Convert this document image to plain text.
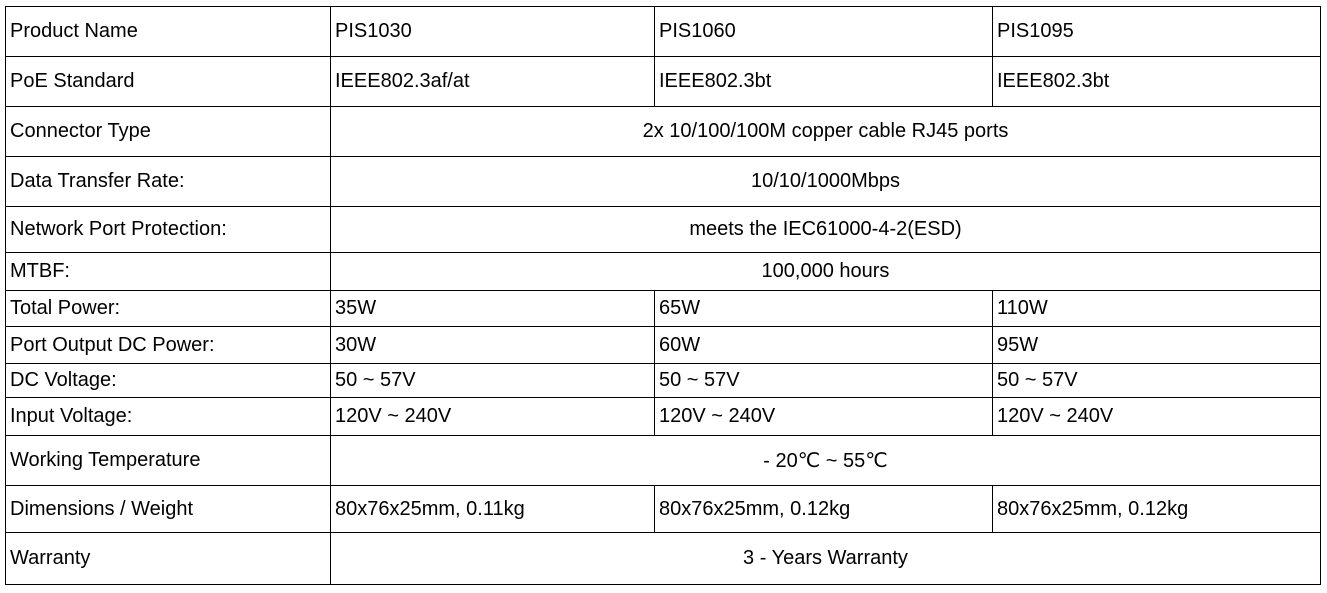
Product Name	PIS1030	PIS1060	PIS1095
PoE Standard	IEEE802.3af/at	IEEE802.3bt	IEEE802.3bt
Connector Type	2x 10/100/100M copper cable RJ45 ports		
Data Transfer Rate:	10/10/1000Mbps		
Network Port Protection:	meets the IEC61000-4-2(ESD)		
MTBF:	100,000 hours		
Total Power:	35W	65W	110W
Port Output DC Power:	30W	60W	95W
DC Voltage:	50 ~ 57V	50 ~ 57V	50 ~ 57V
Input Voltage:	120V ~ 240V	120V ~ 240V	120V ~ 240V
Working Temperature	- 20℃ ~ 55℃		
Dimensions / Weight	80x76x25mm, 0.11kg	80x76x25mm, 0.12kg	80x76x25mm, 0.12kg
Warranty	3 - Years Warranty		
